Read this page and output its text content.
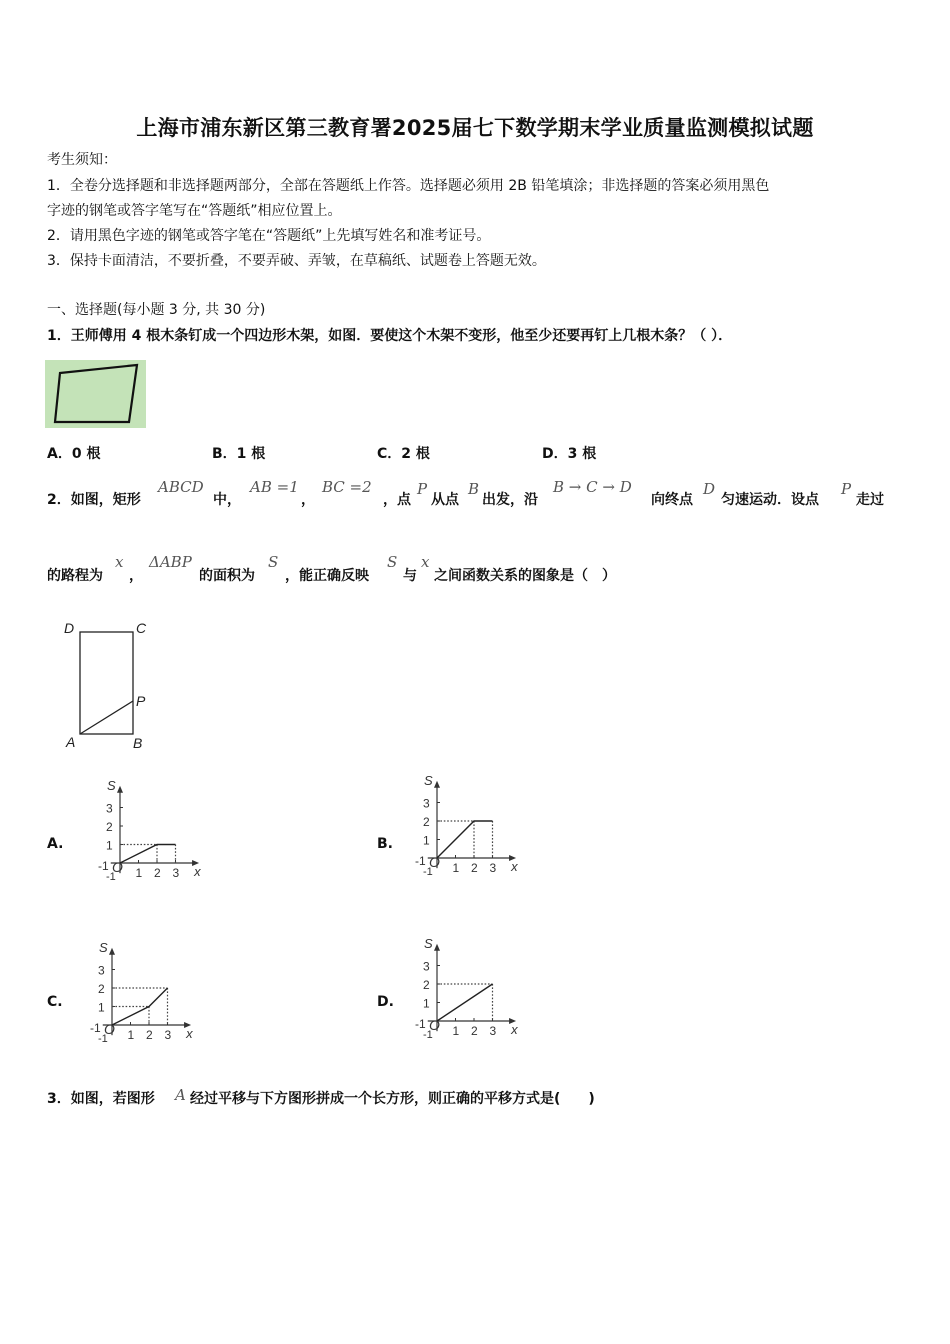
上海市浦东新区第三教育署2025届七下数学期末学业质量监测模拟试题
考生须知：
1．全卷分选择题和非选择题两部分，全部在答题纸上作答。选择题必须用 2B 铅笔填涂；非选择题的答案必须用黑色
字迹的钢笔或答字笔写在“答题纸”相应位置上。
2．请用黑色字迹的钢笔或答字笔在“答题纸”上先填写姓名和准考证号。
3．保持卡面清洁，不要折叠，不要弄破、弄皱，在草稿纸、试题卷上答题无效。
一、选择题(每小题 3 分, 共 30 分)
1．王师傅用 4 根木条钉成一个四边形木架，如图．要使这个木架不变形，他至少还要再钉上几根木条？（ ）．
A．0 根	B．1 根	C．2 根	D．3 根
2．如图，矩形
ABCD
中，
AB =1
，
BC =2
，点
P
从点
B
出发，沿
B → C → D
向终点
D
匀速运动．设点
P
走过
的路程为
x
，
ΔABP
的面积为
S
，能正确反映
S
与
x
之间函数关系的图象是（　）
D	C
P
A	B
A.	B.
C.	D.
1 2 3
1
2
3
-1 O
-1
S
x	1 2 3
1
2
3
-1 O
-1
S
x
1 2 3
1
2
3
-1 O
-1
S
x	1 2 3
1
2
3
-1 O
-1
S
x
3．如图，若图形 A 经过平移与下方图形拼成一个长方形，则正确的平移方式是(　　)
